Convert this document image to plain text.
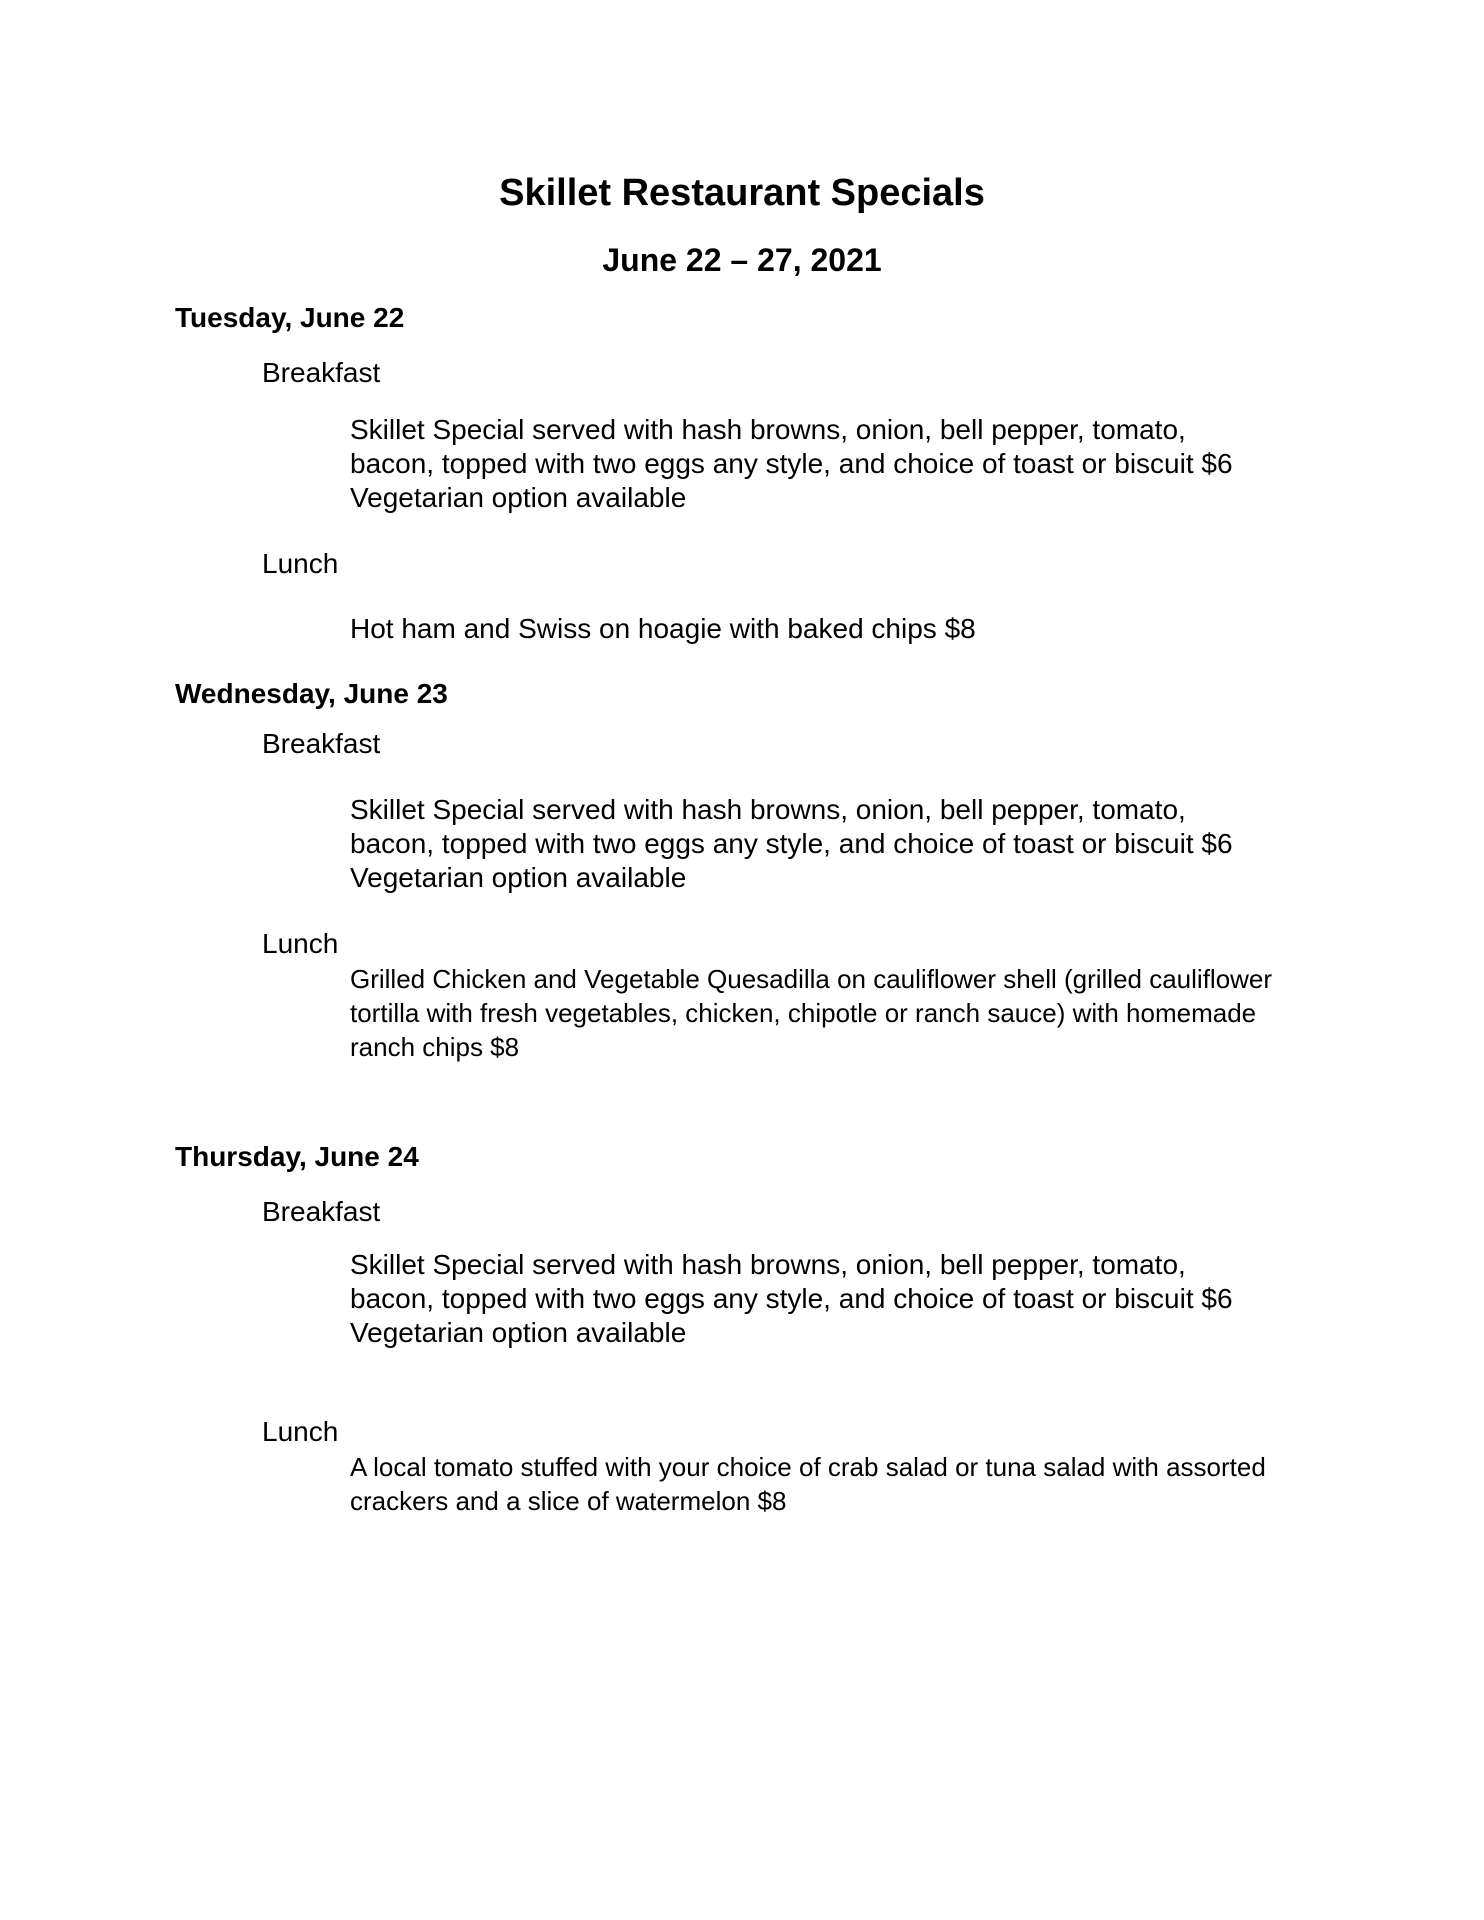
Skillet Restaurant Specials
June 22 – 27, 2021
Tuesday, June 22
Breakfast
Skillet Special served with hash browns, onion, bell pepper, tomato,
bacon, topped with two eggs any style, and choice of toast or biscuit $6
Vegetarian option available
Lunch
Hot ham and Swiss on hoagie with baked chips $8
Wednesday, June 23
Breakfast
Skillet Special served with hash browns, onion, bell pepper, tomato,
bacon, topped with two eggs any style, and choice of toast or biscuit $6
Vegetarian option available
Lunch
Grilled Chicken and Vegetable Quesadilla on cauliflower shell (grilled cauliflower
tortilla with fresh vegetables, chicken, chipotle or ranch sauce) with homemade
ranch chips $8
Thursday, June 24
Breakfast
Skillet Special served with hash browns, onion, bell pepper, tomato,
bacon, topped with two eggs any style, and choice of toast or biscuit $6
Vegetarian option available
Lunch
A local tomato stuffed with your choice of crab salad or tuna salad with assorted
crackers and a slice of watermelon $8
